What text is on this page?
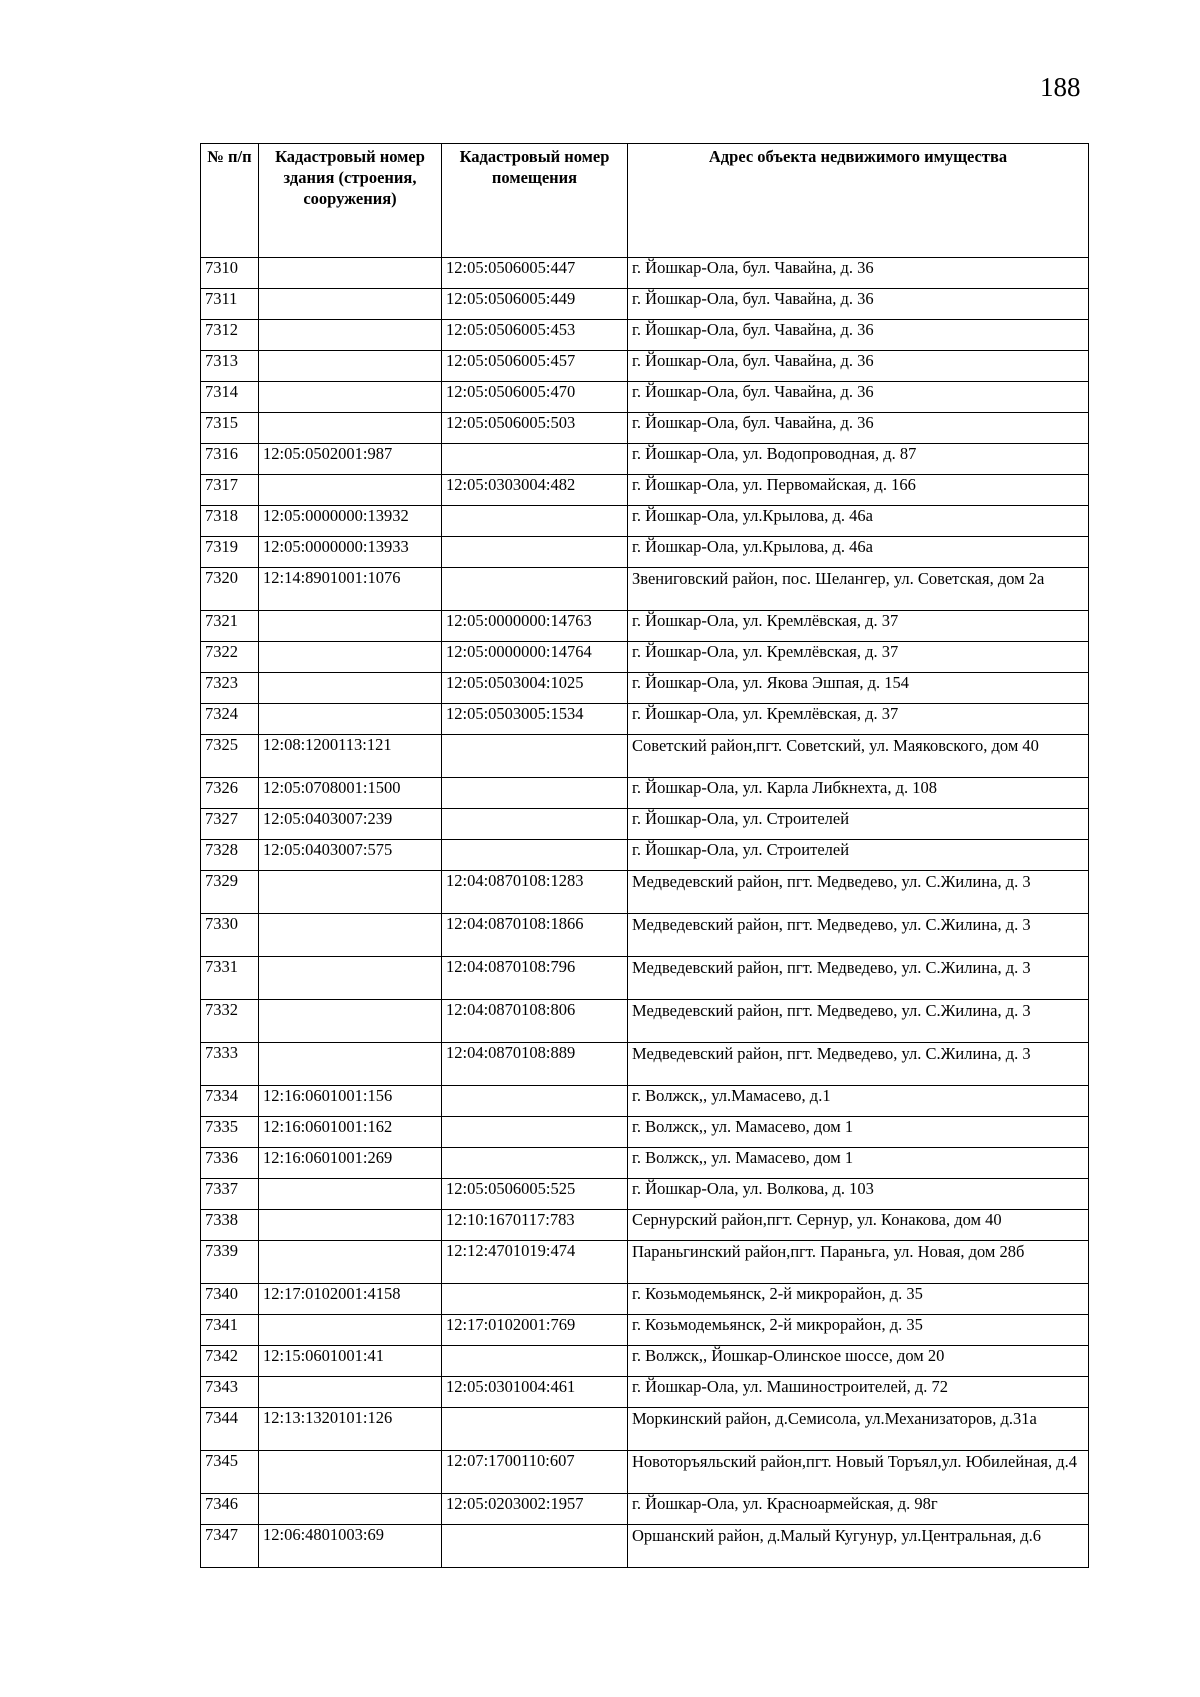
188
№ п/п	Кадастровый номер здания (строения, сооружения)	Кадастровый номер помещения	Адрес объекта недвижимого имущества
7310		12:05:0506005:447	г. Йошкар-Ола, бул. Чавайна, д. 36
7311		12:05:0506005:449	г. Йошкар-Ола, бул. Чавайна, д. 36
7312		12:05:0506005:453	г. Йошкар-Ола, бул. Чавайна, д. 36
7313		12:05:0506005:457	г. Йошкар-Ола, бул. Чавайна, д. 36
7314		12:05:0506005:470	г. Йошкар-Ола, бул. Чавайна, д. 36
7315		12:05:0506005:503	г. Йошкар-Ола, бул. Чавайна, д. 36
7316	12:05:0502001:987		г. Йошкар-Ола, ул. Водопроводная, д. 87
7317		12:05:0303004:482	г. Йошкар-Ола, ул. Первомайская, д. 166
7318	12:05:0000000:13932		г. Йошкар-Ола, ул.Крылова, д. 46а
7319	12:05:0000000:13933		г. Йошкар-Ола, ул.Крылова, д. 46а
7320	12:14:8901001:1076		Звениговский район, пос. Шелангер, ул. Советская, дом 2а
7321		12:05:0000000:14763	г. Йошкар-Ола, ул. Кремлёвская, д. 37
7322		12:05:0000000:14764	г. Йошкар-Ола, ул. Кремлёвская, д. 37
7323		12:05:0503004:1025	г. Йошкар-Ола, ул. Якова Эшпая, д. 154
7324		12:05:0503005:1534	г. Йошкар-Ола, ул. Кремлёвская, д. 37
7325	12:08:1200113:121		Советский район,пгт. Советский, ул. Маяковского, дом 40
7326	12:05:0708001:1500		г. Йошкар-Ола, ул. Карла Либкнехта, д. 108
7327	12:05:0403007:239		г. Йошкар-Ола, ул. Строителей
7328	12:05:0403007:575		г. Йошкар-Ола, ул. Строителей
7329		12:04:0870108:1283	Медведевский район, пгт. Медведево, ул. С.Жилина, д. 3
7330		12:04:0870108:1866	Медведевский район, пгт. Медведево, ул. С.Жилина, д. 3
7331		12:04:0870108:796	Медведевский район, пгт. Медведево, ул. С.Жилина, д. 3
7332		12:04:0870108:806	Медведевский район, пгт. Медведево, ул. С.Жилина, д. 3
7333		12:04:0870108:889	Медведевский район, пгт. Медведево, ул. С.Жилина, д. 3
7334	12:16:0601001:156		г. Волжск,, ул.Мамасево, д.1
7335	12:16:0601001:162		г. Волжск,, ул. Мамасево, дом 1
7336	12:16:0601001:269		г. Волжск,, ул. Мамасево, дом 1
7337		12:05:0506005:525	г. Йошкар-Ола, ул. Волкова, д. 103
7338		12:10:1670117:783	Сернурский район,пгт. Сернур, ул. Конакова, дом 40
7339		12:12:4701019:474	Параньгинский район,пгт. Параньга, ул. Новая, дом 28б
7340	12:17:0102001:4158		г. Козьмодемьянск, 2-й микрорайон, д. 35
7341		12:17:0102001:769	г. Козьмодемьянск, 2-й микрорайон, д. 35
7342	12:15:0601001:41		г. Волжск,, Йошкар-Олинское шоссе, дом 20
7343		12:05:0301004:461	г. Йошкар-Ола, ул. Машиностроителей, д. 72
7344	12:13:1320101:126		Моркинский район, д.Семисола, ул.Механизаторов, д.31а
7345		12:07:1700110:607	Новоторъяльский район,пгт. Новый Торъял,ул. Юбилейная, д.4
7346		12:05:0203002:1957	г. Йошкар-Ола, ул. Красноармейская, д. 98г
7347	12:06:4801003:69		Оршанский район, д.Малый Кугунур, ул.Центральная, д.6
